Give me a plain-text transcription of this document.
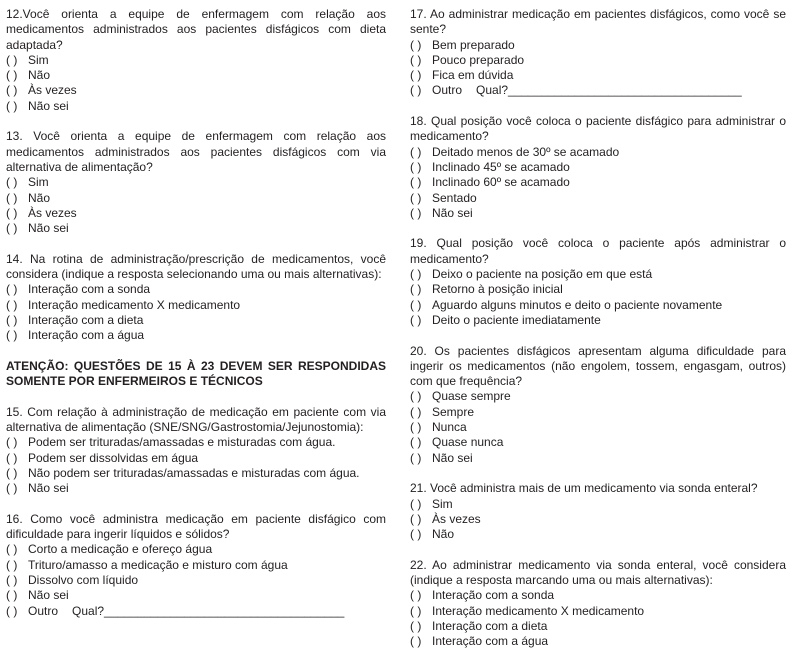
12.Você orienta a equipe de enfermagem com relação aos medicamentos administrados aos pacientes disfágicos com dieta adaptada?
( ) Sim
( ) Não
( ) Às vezes
( ) Não sei
13. Você orienta a equipe de enfermagem com relação aos medicamentos administrados aos pacientes disfágicos com via alternativa de alimentação?
( ) Sim
( ) Não
( ) Às vezes
( ) Não sei
14. Na rotina de administração/prescrição de medicamentos, você considera (indique a resposta selecionando uma ou mais alternativas):
( ) Interação com a sonda
( ) Interação medicamento X medicamento
( ) Interação com a dieta
( ) Interação com a água
ATENÇÃO: QUESTÕES DE 15 À 23 DEVEM SER RESPONDIDAS SOMENTE POR ENFERMEIROS E TÉCNICOS
15. Com relação à administração de medicação em paciente com via alternativa de alimentação (SNE/SNG/Gastrostomia/Jejunostomia):
( ) Podem ser trituradas/amassadas e misturadas com água.
( ) Podem ser dissolvidas em água
( ) Não podem ser trituradas/amassadas e misturadas com água.
( ) Não sei
16. Como você administra medicação em paciente disfágico com dificuldade para ingerir líquidos e sólidos?
( ) Corto a medicação e ofereço água
( ) Trituro/amasso a medicação e misturo com água
( ) Dissolvo com líquido
( ) Não sei
( ) Outro Qual?____________________________________
17. Ao administrar medicação em pacientes disfágicos, como você se sente?
( ) Bem preparado
( ) Pouco preparado
( ) Fica em dúvida
( ) Outro Qual?___________________________________
18. Qual posição você coloca o paciente disfágico para administrar o medicamento?
( ) Deitado menos de 30º se acamado
( ) Inclinado 45º se acamado
( ) Inclinado 60º se acamado
( ) Sentado
( ) Não sei
19. Qual posição você coloca o paciente após administrar o medicamento?
( ) Deixo o paciente na posição em que está
( ) Retorno à posição inicial
( ) Aguardo alguns minutos e deito o paciente novamente
( ) Deito o paciente imediatamente
20. Os pacientes disfágicos apresentam alguma dificuldade para ingerir os medicamentos (não engolem, tossem, engasgam, outros) com que frequência?
( ) Quase sempre
( ) Sempre
( ) Nunca
( ) Quase nunca
( ) Não sei
21. Você administra mais de um medicamento via sonda enteral?
( ) Sim
( ) Às vezes
( ) Não
22. Ao administrar medicamento via sonda enteral, você considera (indique a resposta marcando uma ou mais alternativas):
( ) Interação com a sonda
( ) Interação medicamento X medicamento
( ) Interação com a dieta
( ) Interação com a água
